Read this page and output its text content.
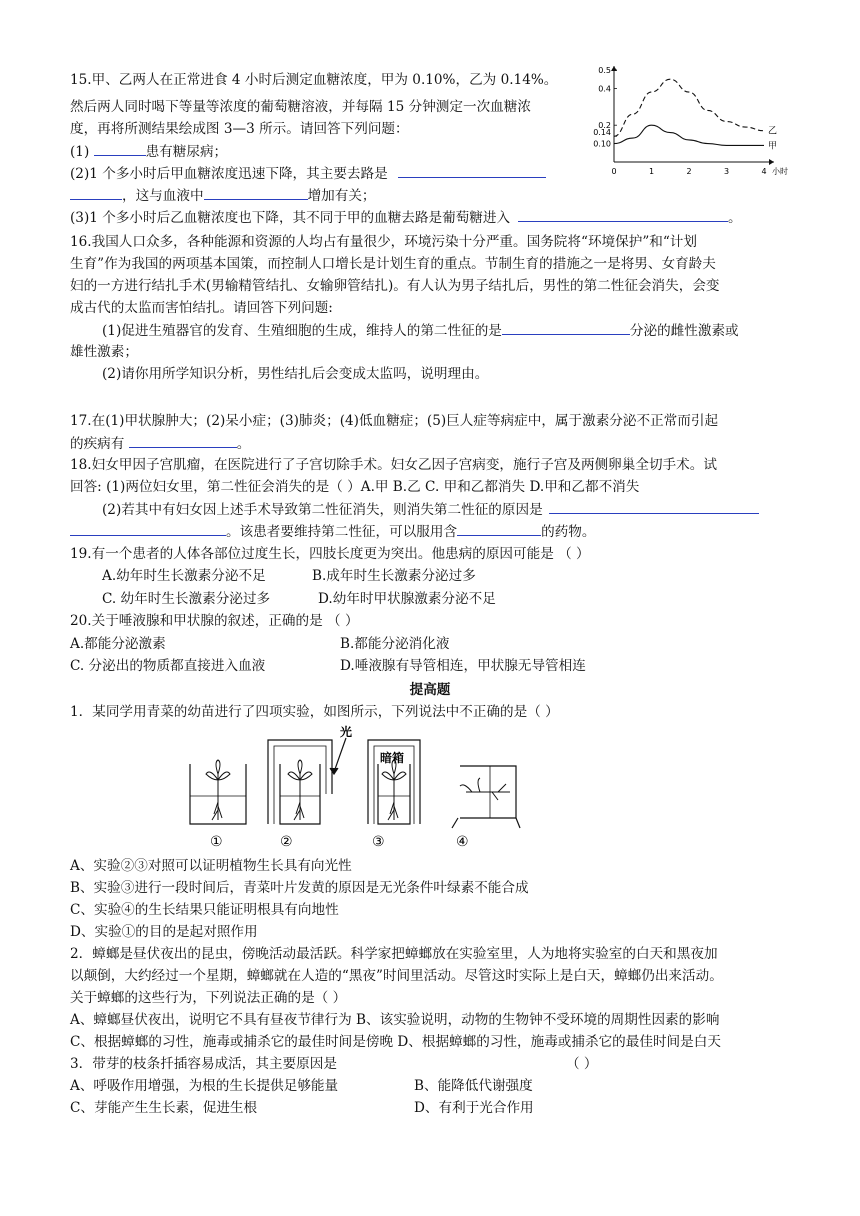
15.甲、乙两人在正常进食 4 小时后测定血糖浓度，甲为 0.10%，乙为 0.14%。
然后两人同时喝下等量等浓度的葡萄糖溶液，并每隔 15 分钟测定一次血糖浓
度，再将所测结果绘成图 3—3 所示。请回答下列问题：
(1)	患有糖尿病；
(2)1 个多小时后甲血糖浓度迅速下降，其主要去路是
，这与血液中	增加有关；
(3)1 个多小时后乙血糖浓度也下降，其不同于甲的血糖去路是葡萄糖进入	。
乙
甲
0.5
0.4
0.2
0.14
0.10
0	1	2	3	4 小时
16.我国人口众多，各种能源和资源的人均占有量很少，环境污染十分严重。国务院将“环境保护”和“计划
生育”作为我国的两项基本国策，而控制人口增长是计划生育的重点。节制生育的措施之一是将男、女育龄夫
妇的一方进行结扎手术(男输精管结扎、女输卵管结扎)。有人认为男子结扎后，男性的第二性征会消失，会变
成古代的太监而害怕结扎。请回答下列问题:
(1)促进生殖器官的发育、生殖细胞的生成，维持人的第二性征的是	分泌的雌性激素或
雄性激素；
(2)请你用所学知识分析，男性结扎后会变成太监吗，说明理由。
17.在(1)甲状腺肿大；(2)呆小症；(3)肺炎；(4)低血糖症；(5)巨人症等病症中，属于激素分泌不正常而引起
的疾病有	。
18.妇女甲因子宫肌瘤，在医院进行了子宫切除手术。妇女乙因子宫病变，施行子宫及两侧卵巢全切手术。试
回答: (1)两位妇女里，第二性征会消失的是（ ）A.甲 B.乙 C. 甲和乙都消失 D.甲和乙都不消失
(2)若其中有妇女因上述手术导致第二性征消失，则消失第二性征的原因是
。该患者要维持第二性征，可以服用含	的药物。
19.有一个患者的人体各部位过度生长，四肢长度更为突出。他患病的原因可能是 （ ）
A.幼年时生长激素分泌不足	B.成年时生长激素分泌过多
C. 幼年时生长激素分泌过多	D.幼年时甲状腺激素分泌不足
20.关于唾液腺和甲状腺的叙述，正确的是 （ ）
A.都能分泌激素	B.都能分泌消化液
C. 分泌出的物质都直接进入血液	D.唾液腺有导管相连，甲状腺无导管相连
提高题
1．某同学用青菜的幼苗进行了四项实验，如图所示，下列说法中不正确的是（ ）
光
暗箱
①	②	③	④
A、实验②③对照可以证明植物生长具有向光性
B、实验③进行一段时间后，青菜叶片发黄的原因是无光条件叶绿素不能合成
C、实验④的生长结果只能证明根具有向地性
D、实验①的目的是起对照作用
2．蟑螂是昼伏夜出的昆虫，傍晚活动最活跃。科学家把蟑螂放在实验室里，人为地将实验室的白天和黑夜加
以颠倒，大约经过一个星期，蟑螂就在人造的“黑夜”时间里活动。尽管这时实际上是白天，蟑螂仍出来活动。
关于蟑螂的这些行为，下列说法正确的是（ ）
A、蟑螂昼伏夜出，说明它不具有昼夜节律行为 B、该实验说明，动物的生物钟不受环境的周期性因素的影响
C、根据蟑螂的习性，施毒或捕杀它的最佳时间是傍晚 D、根据蟑螂的习性，施毒或捕杀它的最佳时间是白天
3．带芽的枝条扦插容易成活，其主要原因是	（ ）
A、呼吸作用增强，为根的生长提供足够能量	B、能降低代谢强度
C、芽能产生生长素，促进生根	D、有利于光合作用
